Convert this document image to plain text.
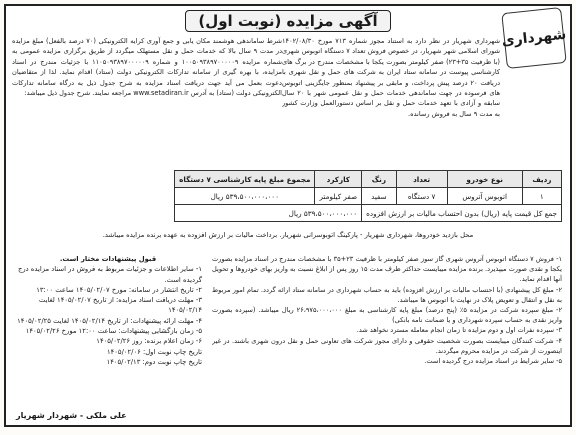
شهرداری
آگهی مزایده (نوبت اول)
شهرداری شهریار در نظر دارد به استناد مجوز شماره ۷۱۳ مورخ ۱۴۰۲/۰۸/۳۰ شورای اسلامی شهر شهریار، در خصوص فروش تعداد ۷ دستگاه اتوبوس شهری (با ظرفیت ۳۵+۲۳) صفر کیلومتر بصورت یکجا با مشخصات مندرج در برگ های کارشناسی پیوست در سامانه ستاد ایران به شرکت های حمل و نقل شهری با دریافت ۲۰ درصد پیش پرداخت، و مابقی بر پیشنهاد بمنظور جایگزینی اتوبوس های فرسوده در جهت ساماندهی خدمات حمل و نقل عمومی شهر با ۲۰ سال سابقه و آزادی با تعهد خدمات حمل و نقل بر اساس دستورالعمل وزارت کشور به مدت ۹ سال به فروش رسانده.
شرط ساماندهی هوشمند مکان یابی و جمع آوری کرایه الکترونیکی (۷۰ درصد بالفعل) مبلغ مزایده در مدت ۹ سال بالا که خدمات حمل و نقل مستهلک میگردد از طریق برگزاری مزایده عمومی به شماره مزایده ۱۰۰۵۰۹۳۸۹۷۰۰۰۰۰۹ و شماره ۱۱۰۵۰۹۳۸۹۷۰۰۰۰۰۹ با جزئیات مندرج در اسناد مزایده، با بهره گیری از سامانه تدارکات الکترونیکی دولت (ستاد) اقدام نماید. لذا از متقاضیان دعوت بعمل می آید جهت دریافت اسناد مزایده به شرح جدول ذیل به درگاه سامانه تدارکات الکترونیکی دولت (ستاد) به آدرس www.setadiran.ir مراجعه نمایند. شرح جدول ذیل میباشد:
ردیف	نوع خودرو	تعداد	رنگ	کارکرد	مجموع مبلغ پایه کارشناسی ۷ دستگاه
۱	اتوبوس آتروس	۷ دستگاه	سفید	صفر کیلومتر	۵۳۹،۵۰۰،۰۰۰،۰۰۰ ریال
جمع کل قیمت پایه (ریال) بدون احتساب مالیات بر ارزش افزوده				۵۳۹،۵۰۰،۰۰۰،۰۰۰ ریال	
محل بازدید خودروها، شهرداری شهریار - پارکینگ اتوبوسرانی شهریار. برداخت مالیات بر ارزش افزوده به عهده برنده مزایده میباشد.
قبول پیشنهادات مختار است.
۱- سایر اطلاعات و جزئیات مربوط به فروش در اسناد مزایده درج گردیده است.
۲- تاریخ انتشار در سامانه: مورخ ۱۴۰۵/۰۲/۰۷ ساعت ۱۳:۰۰
۳- مهلت دریافت اسناد مزایده: از تاریخ ۱۴۰۵/۰۲/۰۷ لغایت ۱۴۰۵/۰۲/۱۴
۴- مهلت ارائه پیشنهادات: از تاریخ ۱۴۰۵/۰۲/۱۴ لغایت ۱۴۰۵/۰۲/۲۵
۵- زمان بازگشایی پیشنهادات: ساعت ۱۲:۰۰ مورخ ۱۴۰۵/۰۲/۲۶
۶- زمان اعلام برنده: روز ۱۴۰۵/۰۲/۲۶
تاریخ چاپ نوبت اول: ۱۴۰۵/۰۲/۰۶
تاریخ چاپ نوبت دوم: ۱۴۰۵/۰۲/۱۳
۱- فروش ۷ دستگاه اتوبوس آتروس شهری گاز سوز صفر کیلومتر با ظرفیت ۲۳+۳۵ با مشخصات مندرج در اسناد مزایده بصورت یکجا و نقدی صورت میپذیرد. برنده مزایده میبایست حداکثر ظرف مدت ۱۵ روز پس از ابلاغ نسبت به واریز بهای خودروها و تحویل آنها اقدام نماید.
۲- مبلغ کل پیشنهادی (با احتساب مالیات بر ارزش افزوده) باید به حساب شهرداری در سامانه ستاد ارائه گردد. تمام امور مربوط به نقل و انتقال و تعویض پلاک در نهایت با اتوبوس ها میباشد.
۲- مبلغ سپرده شرکت در مزایده ۵٪ (پنج درصد) مبلغ پایه کارشناسی به مبلغ ۲۶،۹۷۵،۰۰۰،۰۰۰ ریال میباشد. (سپرده بصورت واریز نقدی به حساب سپرده شهرداری و یا ضمانت نامه بانکی)
۳- سپرده نفرات اول و دوم مزایده تا زمان انجام معامله مسترد نخواهد شد.
۴- شرکت کنندگان میبایست بصورت شخصیت حقوقی و دارای مجوز شرکت های تعاونی حمل و نقل درون شهری باشند. در غیر اینصورت از شرکت در مزایده محروم میگردند.
۵- سایر شرایط در اسناد مزایده درج گردیده است.
علی ملکی - شهردار شهریار
